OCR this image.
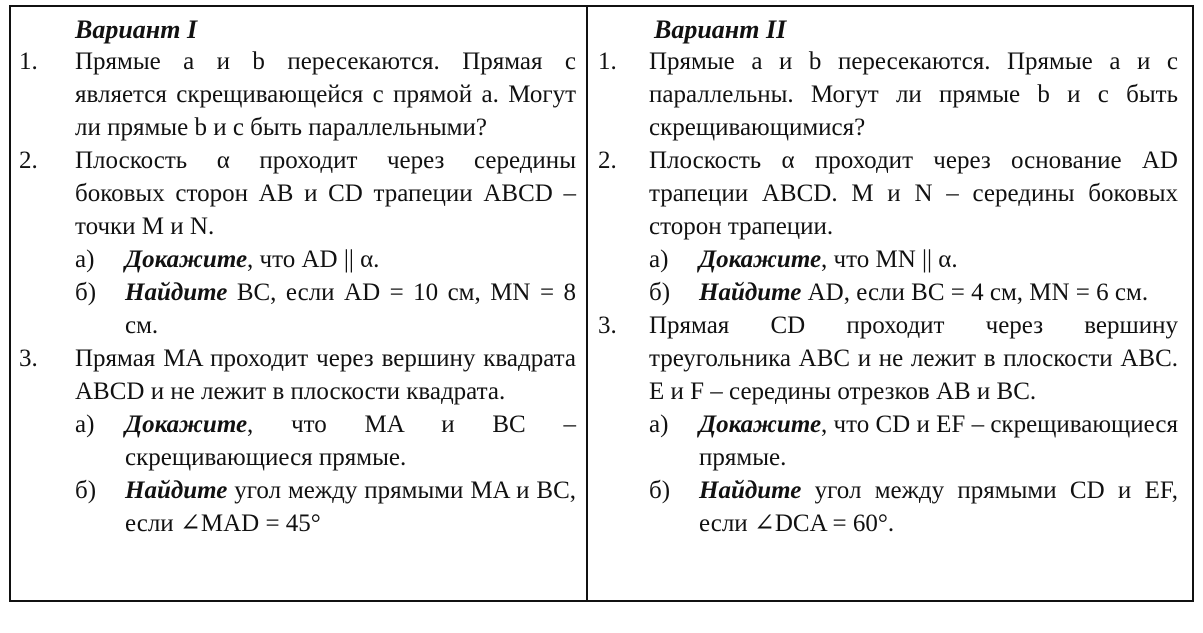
Вариант I
1.	Прямые a и b пересекаются. Прямая c является скрещивающейся с прямой a. Могут ли прямые b и c быть параллельными?
2.	Плоскость α проходит через середины боковых сторон AB и CD трапеции ABCD – точки M и N.
а)	Докажите, что AD || α.
б)	Найдите BC, если AD = 10 см, MN = 8 см.
3.	Прямая MA проходит через вершину квадрата ABCD и не лежит в плоскости квадрата.
а)	Докажите, что MA и BC – скрещивающиеся прямые.
б)	Найдите угол между прямыми MA и BC, если ∠MAD = 45°
Вариант II
1.	Прямые a и b пересекаются. Прямые a и c параллельны. Могут ли прямые b и c быть скрещивающимися?
2.	Плоскость α проходит через основание AD трапеции ABCD. M и N – середины боковых сторон трапеции.
а)	Докажите, что MN || α.
б)	Найдите AD, если BC = 4 см, MN = 6 см.
3.	Прямая CD проходит через вершину треугольника ABC и не лежит в плоскости ABC. E и F – середины отрезков AB и BC.
а)	Докажите, что CD и EF – скрещивающиеся прямые.
б)	Найдите угол между прямыми CD и EF, если ∠DCA = 60°.
